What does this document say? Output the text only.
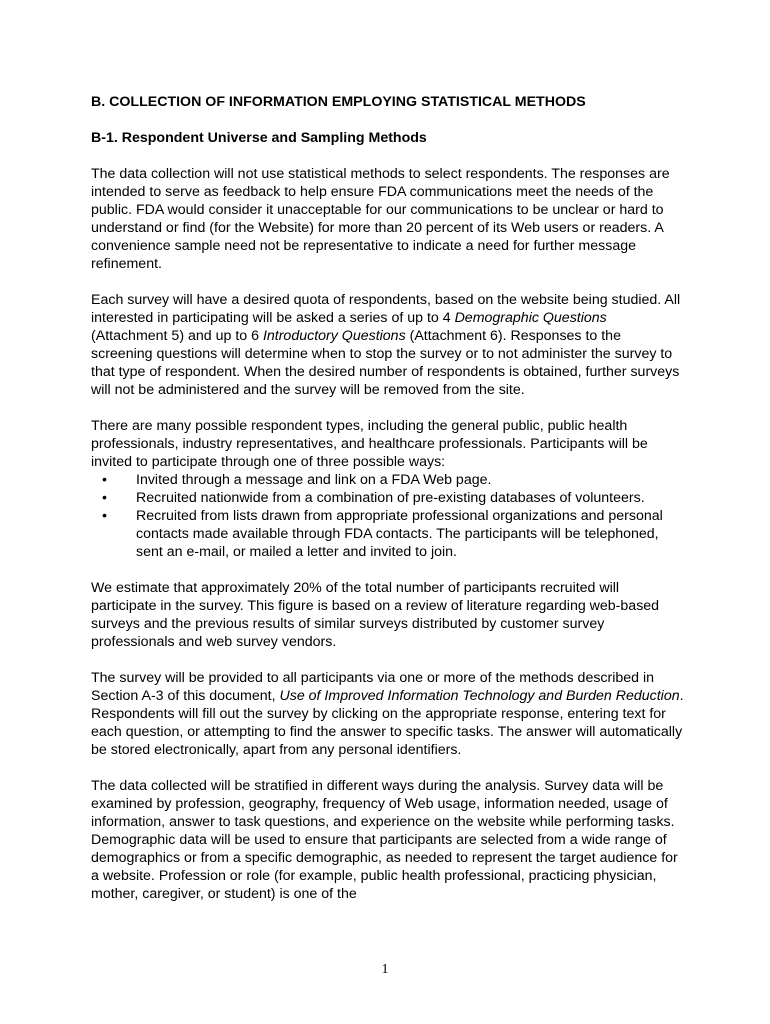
B. COLLECTION OF INFORMATION EMPLOYING STATISTICAL METHODS
B-1. Respondent Universe and Sampling Methods

The data collection will not use statistical methods to select respondents. The responses are intended to serve as feedback to help ensure FDA communications meet the needs of the public. FDA would consider it unacceptable for our communications to be unclear or hard to understand or find (for the Website) for more than 20 percent of its Web users or readers. A convenience sample need not be representative to indicate a need for further message refinement.

Each survey will have a desired quota of respondents, based on the website being studied. All interested in participating will be asked a series of up to 4 Demographic Questions (Attachment 5) and up to 6 Introductory Questions (Attachment 6). Responses to the screening questions will determine when to stop the survey or to not administer the survey to that type of respondent. When the desired number of respondents is obtained, further surveys will not be administered and the survey will be removed from the site.

There are many possible respondent types, including the general public, public health professionals, industry representatives, and healthcare professionals. Participants will be invited to participate through one of three possible ways:

• Invited through a message and link on a FDA Web page.
• Recruited nationwide from a combination of pre-existing databases of volunteers.
• Recruited from lists drawn from appropriate professional organizations and personal contacts made available through FDA contacts. The participants will be telephoned, sent an e-mail, or mailed a letter and invited to join.

We estimate that approximately 20% of the total number of participants recruited will participate in the survey. This figure is based on a review of literature regarding web-based surveys and the previous results of similar surveys distributed by customer survey professionals and web survey vendors.

The survey will be provided to all participants via one or more of the methods described in Section A-3 of this document, Use of Improved Information Technology and Burden Reduction. Respondents will fill out the survey by clicking on the appropriate response, entering text for each question, or attempting to find the answer to specific tasks. The answer will automatically be stored electronically, apart from any personal identifiers.

The data collected will be stratified in different ways during the analysis. Survey data will be examined by profession, geography, frequency of Web usage, information needed, usage of information, answer to task questions, and experience on the website while performing tasks. Demographic data will be used to ensure that participants are selected from a wide range of demographics or from a specific demographic, as needed to represent the target audience for a website. Profession or role (for example, public health professional, practicing physician, mother, caregiver, or student) is one of the

1
